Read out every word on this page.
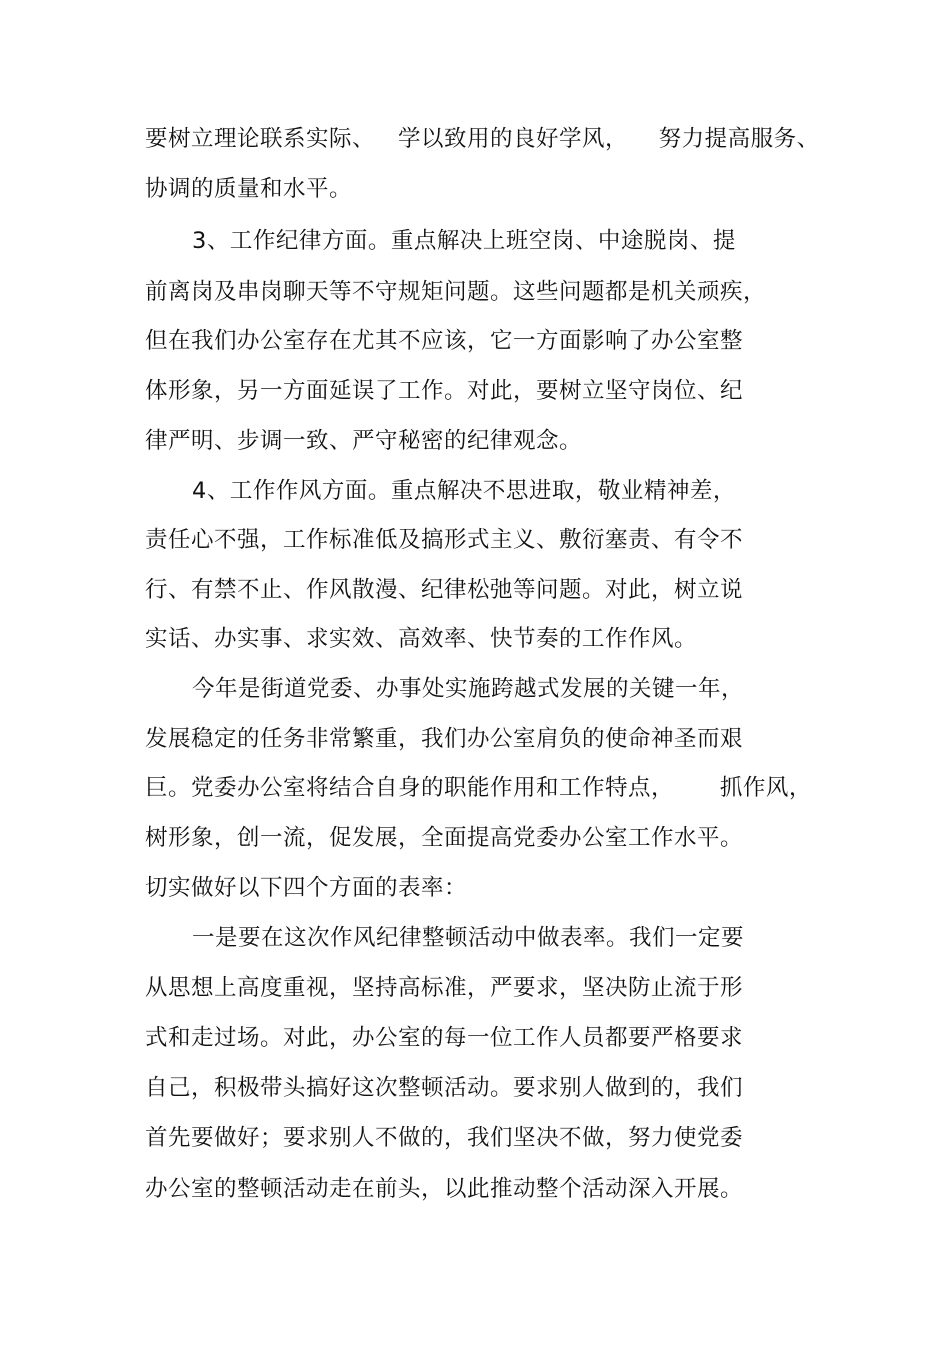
要树立理论联系实际、   学以致用的良好学风，    努力提高服务、
协调的质量和水平。
3、工作纪律方面。重点解决上班空岗、中途脱岗、提
前离岗及串岗聊天等不守规矩问题。这些问题都是机关顽疾，
但在我们办公室存在尤其不应该，它一方面影响了办公室整
体形象，另一方面延误了工作。对此，要树立坚守岗位、纪
律严明、步调一致、严守秘密的纪律观念。
4、工作作风方面。重点解决不思进取，敬业精神差，
责任心不强，工作标准低及搞形式主义、敷衍塞责、有令不
行、有禁不止、作风散漫、纪律松弛等问题。对此，树立说
实话、办实事、求实效、高效率、快节奏的工作作风。
今年是街道党委、办事处实施跨越式发展的关键一年，
发展稳定的任务非常繁重，我们办公室肩负的使命神圣而艰
巨。党委办公室将结合自身的职能作用和工作特点，      抓作风，
树形象，创一流，促发展，全面提高党委办公室工作水平。
切实做好以下四个方面的表率：
一是要在这次作风纪律整顿活动中做表率。我们一定要
从思想上高度重视，坚持高标准，严要求，坚决防止流于形
式和走过场。对此，办公室的每一位工作人员都要严格要求
自己，积极带头搞好这次整顿活动。要求别人做到的，我们
首先要做好；要求别人不做的，我们坚决不做，努力使党委
办公室的整顿活动走在前头，以此推动整个活动深入开展。
